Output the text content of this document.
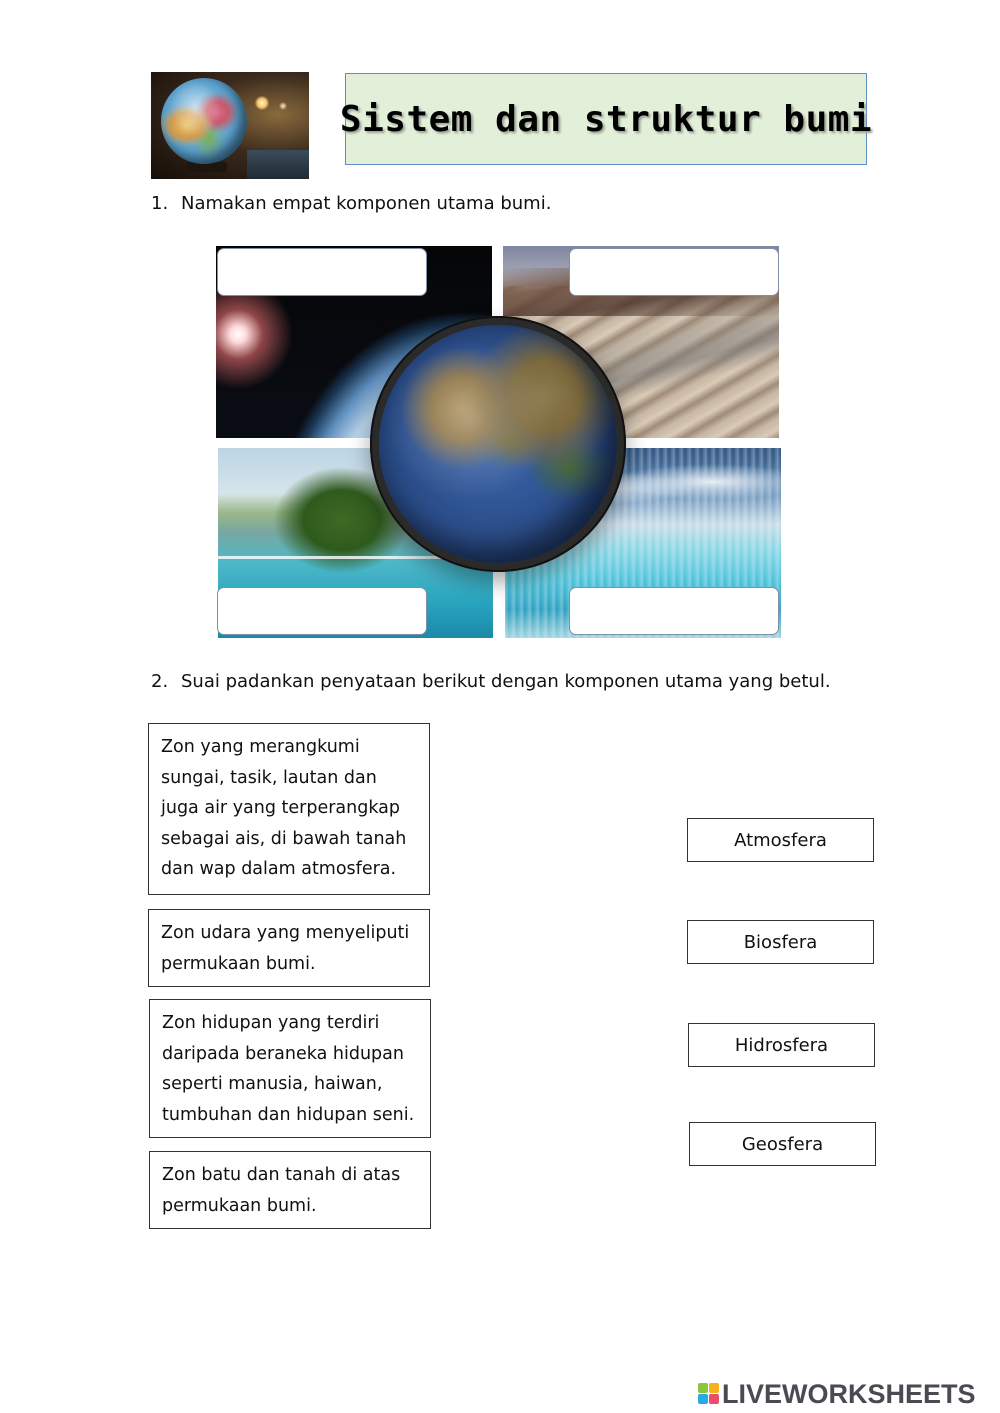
Sistem dan struktur bumi
1. Namakan empat komponen utama bumi.
2. Suai padankan penyataan berikut dengan komponen utama yang betul.
Zon yang merangkumi
sungai, tasik, lautan dan
juga air yang terperangkap
sebagai ais, di bawah tanah
dan wap dalam atmosfera.
Zon udara yang menyeliputi
permukaan bumi.
Zon hidupan yang terdiri
daripada beraneka hidupan
seperti manusia, haiwan,
tumbuhan dan hidupan seni.
Zon batu dan tanah di atas
permukaan bumi.
Atmosfera
Biosfera
Hidrosfera
Geosfera
LIVEWORKSHEETS
